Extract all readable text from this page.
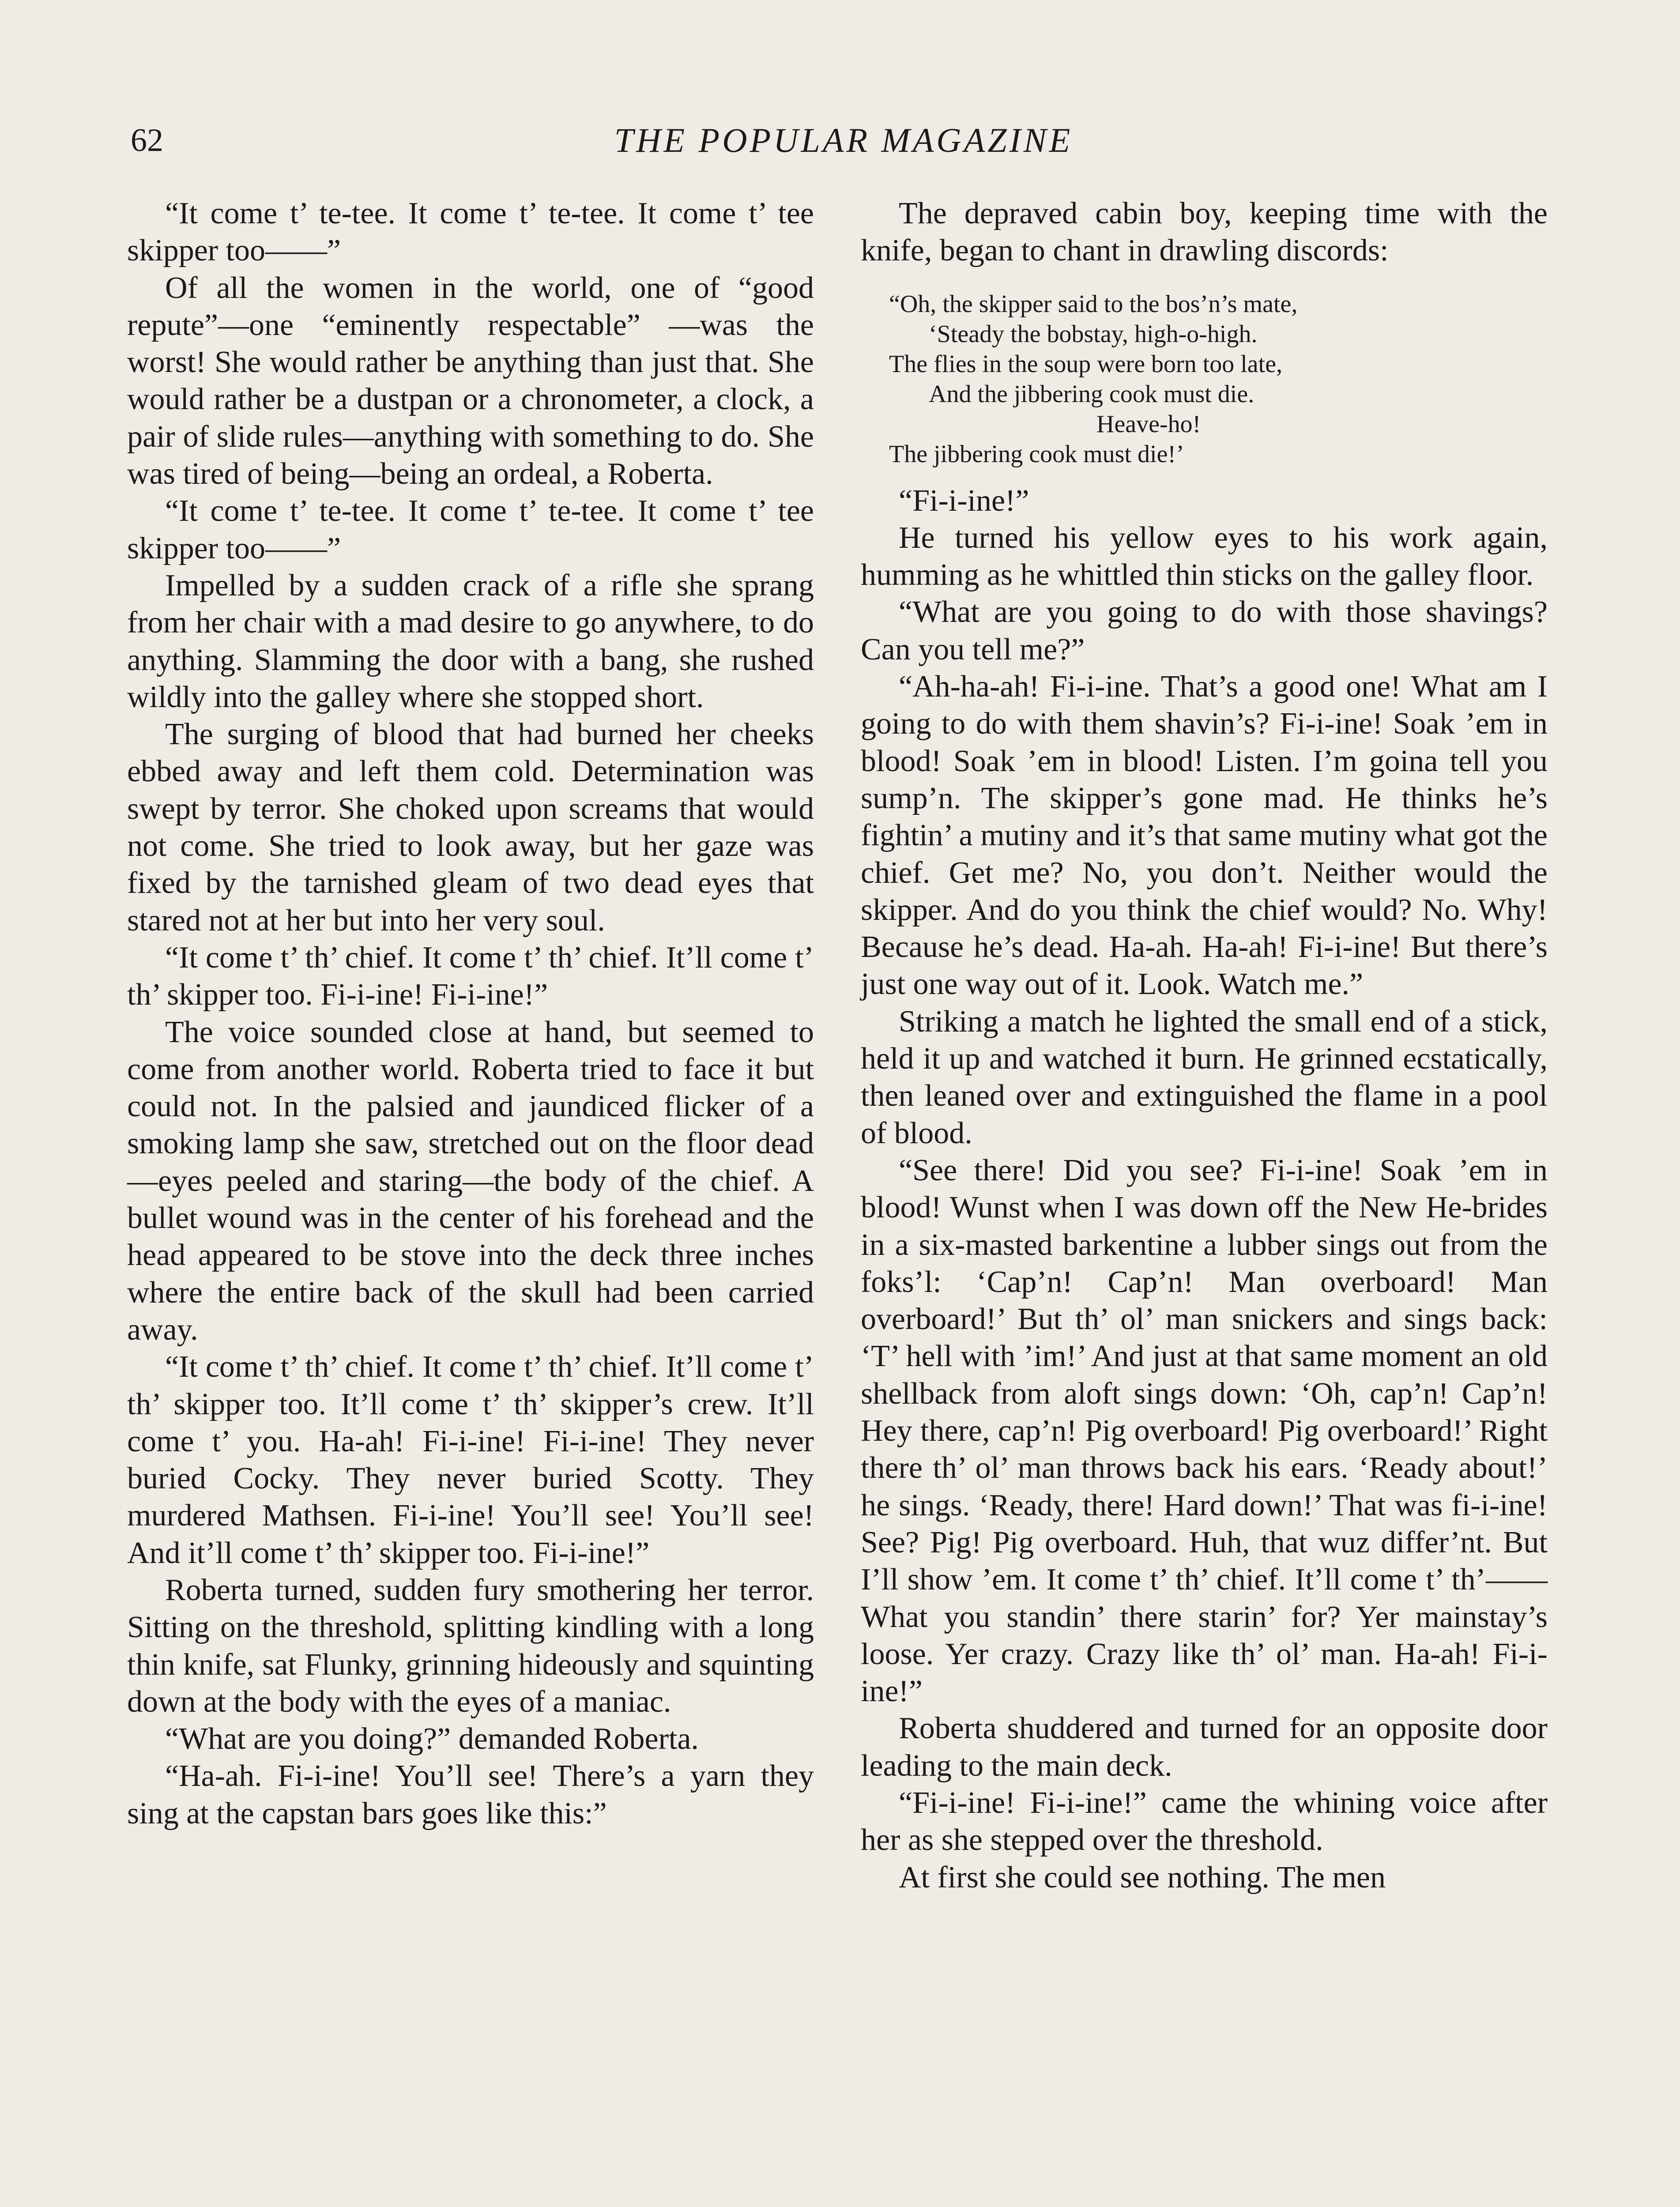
62	THE POPULAR MAGAZINE

“It come t’ te-tee. It come t’ te-tee. It come t’ tee skipper too——”

Of all the women in the world, one of “good repute”—one “eminently respectable” —was the worst! She would rather be anything than just that. She would rather be a dustpan or a chronometer, a clock, a pair of slide rules—anything with something to do. She was tired of being—being an ordeal, a Roberta.

“It come t’ te-tee. It come t’ te-tee. It come t’ tee skipper too——”

Impelled by a sudden crack of a rifle she sprang from her chair with a mad desire to go anywhere, to do anything. Slamming the door with a bang, she rushed wildly into the galley where she stopped short.

The surging of blood that had burned her cheeks ebbed away and left them cold. Determination was swept by terror. She choked upon screams that would not come. She tried to look away, but her gaze was fixed by the tarnished gleam of two dead eyes that stared not at her but into her very soul.

“It come t’ th’ chief. It come t’ th’ chief. It’ll come t’ th’ skipper too. Fi-i-ine! Fi-i-ine!”

The voice sounded close at hand, but seemed to come from another world. Roberta tried to face it but could not. In the palsied and jaundiced flicker of a smoking lamp she saw, stretched out on the floor dead—eyes peeled and staring—the body of the chief. A bullet wound was in the center of his forehead and the head appeared to be stove into the deck three inches where the entire back of the skull had been carried away.

“It come t’ th’ chief. It come t’ th’ chief. It’ll come t’ th’ skipper too. It’ll come t’ th’ skipper’s crew. It’ll come t’ you. Ha-ah! Fi-i-ine! Fi-i-ine! They never buried Cocky. They never buried Scotty. They murdered Mathsen. Fi-i-ine! You’ll see! You’ll see! And it’ll come t’ th’ skipper too. Fi-i-ine!”

Roberta turned, sudden fury smothering her terror. Sitting on the threshold, splitting kindling with a long thin knife, sat Flunky, grinning hideously and squinting down at the body with the eyes of a maniac.

“What are you doing?” demanded Roberta.

“Ha-ah. Fi-i-ine! You’ll see! There’s a yarn they sing at the capstan bars goes like this:”

The depraved cabin boy, keeping time with the knife, began to chant in drawling discords:

“Oh, the skipper said to the bos’n’s mate,
‘Steady the bobstay, high-o-high.
The flies in the soup were born too late,
And the jibbering cook must die.
Heave-ho!
The jibbering cook must die!’

“Fi-i-ine!”

He turned his yellow eyes to his work again, humming as he whittled thin sticks on the galley floor.

“What are you going to do with those shavings? Can you tell me?”

“Ah-ha-ah! Fi-i-ine. That’s a good one! What am I going to do with them shavin’s? Fi-i-ine! Soak ’em in blood! Soak ’em in blood! Listen. I’m goina tell you sump’n. The skipper’s gone mad. He thinks he’s fightin’ a mutiny and it’s that same mutiny what got the chief. Get me? No, you don’t. Neither would the skipper. And do you think the chief would? No. Why! Because he’s dead. Ha-ah. Ha-ah! Fi-i-ine! But there’s just one way out of it. Look. Watch me.”

Striking a match he lighted the small end of a stick, held it up and watched it burn. He grinned ecstatically, then leaned over and extinguished the flame in a pool of blood.

“See there! Did you see? Fi-i-ine! Soak ’em in blood! Wunst when I was down off the New He-brides in a six-masted barkentine a lubber sings out from the foks’l: ‘Cap’n! Cap’n! Man overboard! Man overboard!’ But th’ ol’ man snickers and sings back: ‘T’ hell with ’im!’ And just at that same moment an old shellback from aloft sings down: ‘Oh, cap’n! Cap’n! Hey there, cap’n! Pig overboard! Pig overboard!’ Right there th’ ol’ man throws back his ears. ‘Ready about!’ he sings. ‘Ready, there! Hard down!’ That was fi-i-ine! See? Pig! Pig overboard. Huh, that wuz differ’nt. But I’ll show ’em. It come t’ th’ chief. It’ll come t’ th’—— What you standin’ there starin’ for? Yer mainstay’s loose. Yer crazy. Crazy like th’ ol’ man. Ha-ah! Fi-i-ine!”

Roberta shuddered and turned for an opposite door leading to the main deck.

“Fi-i-ine! Fi-i-ine!” came the whining voice after her as she stepped over the threshold.

At first she could see nothing. The men
